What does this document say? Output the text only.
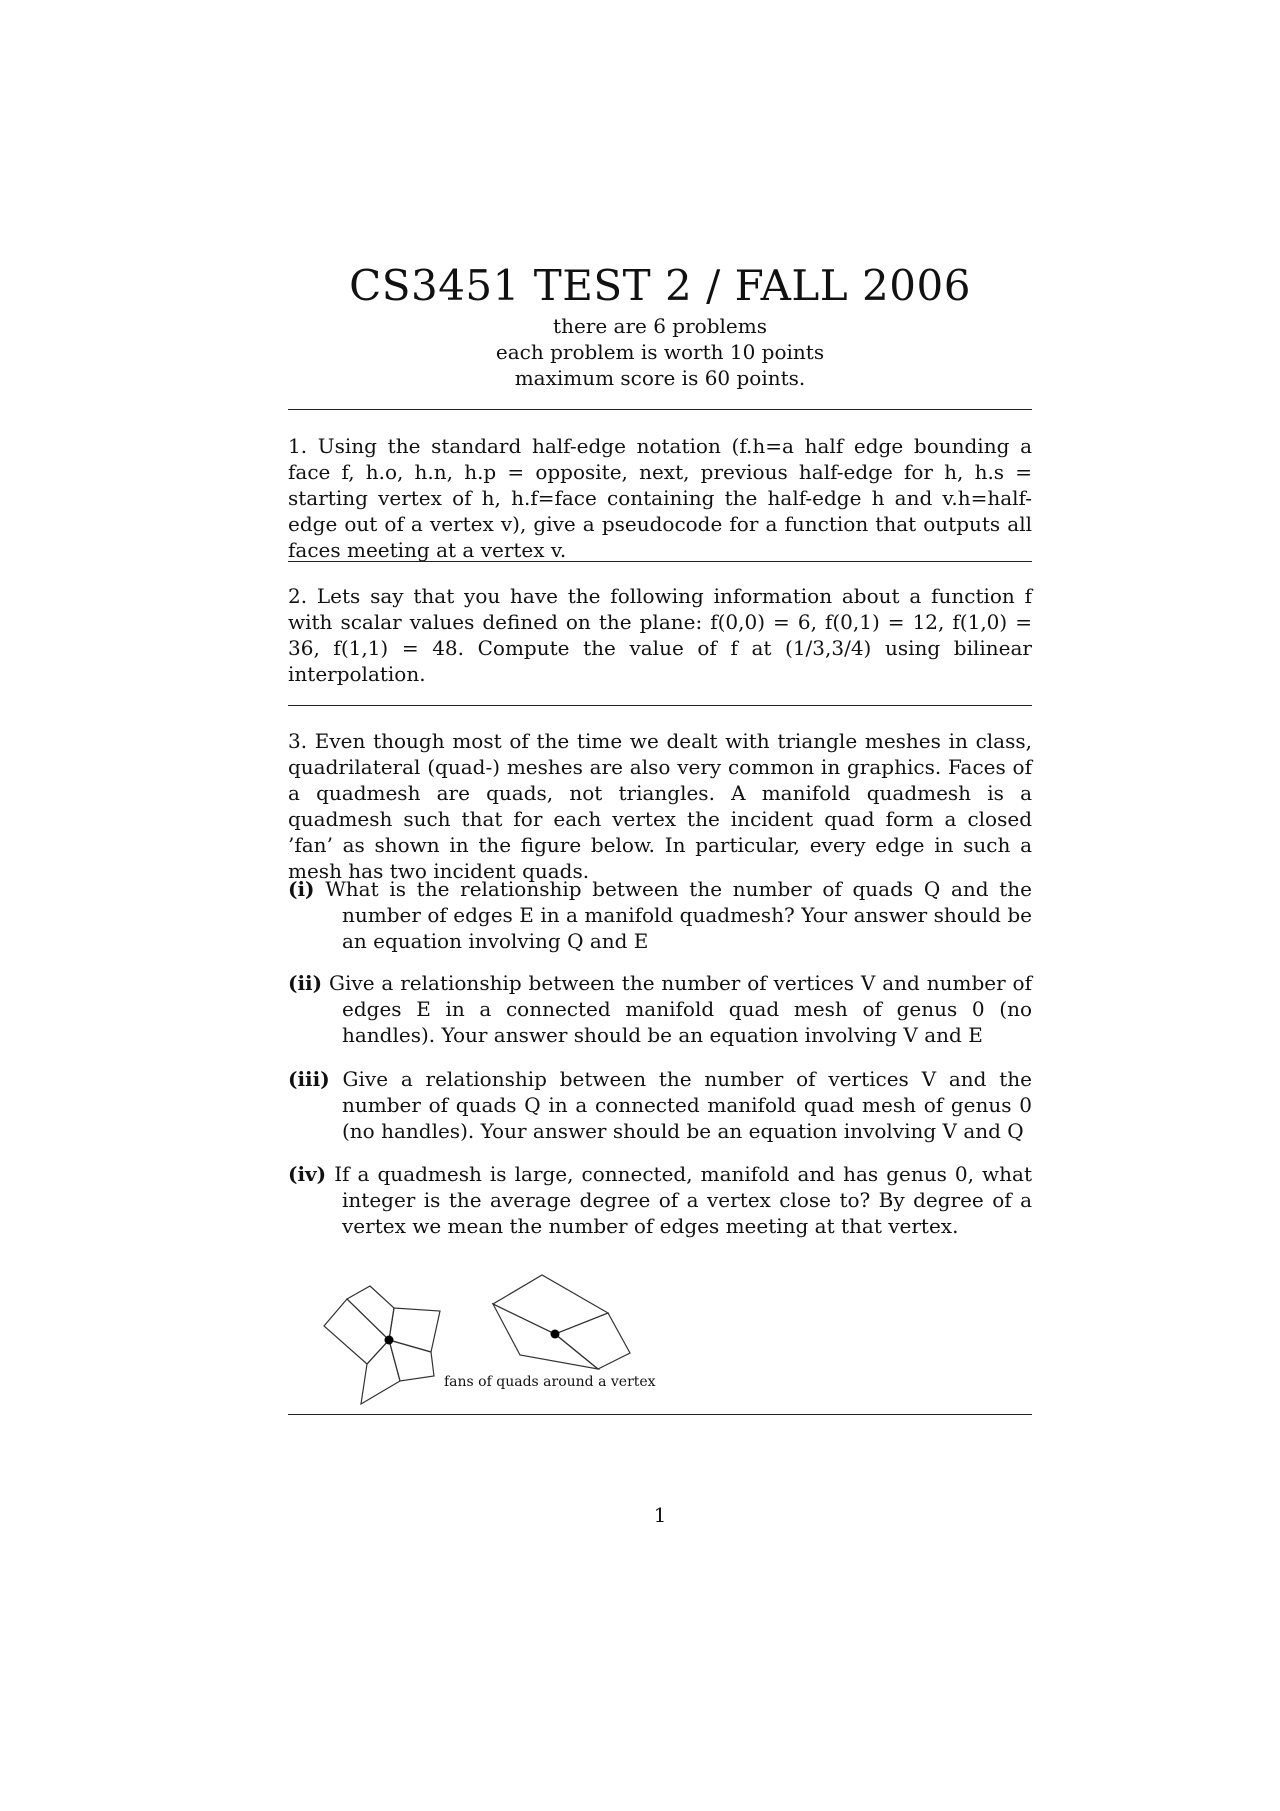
CS3451 TEST 2 / FALL 2006
there are 6 problems
each problem is worth 10 points
maximum score is 60 points.
1. Using the standard half-edge notation (f.h=a half edge bounding a face f, h.o, h.n, h.p = opposite, next, previous half-edge for h, h.s = starting vertex of h, h.f=face containing the half-edge h and v.h=half-edge out of a vertex v), give a pseudocode for a function that outputs all faces meeting at a vertex v.
2. Lets say that you have the following information about a function f with scalar values defined on the plane: f(0,0) = 6, f(0,1) = 12, f(1,0) = 36, f(1,1) = 48. Compute the value of f at (1/3,3/4) using bilinear interpolation.
3. Even though most of the time we dealt with triangle meshes in class, quadrilateral (quad-) meshes are also very common in graphics. Faces of a quadmesh are quads, not triangles. A manifold quadmesh is a quadmesh such that for each vertex the incident quad form a closed ’fan’ as shown in the figure below. In particular, every edge in such a mesh has two incident quads.
(i) What is the relationship between the number of quads Q and the number of edges E in a manifold quadmesh? Your answer should be an equation involving Q and E
(ii) Give a relationship between the number of vertices V and number of edges E in a connected manifold quad mesh of genus 0 (no handles). Your answer should be an equation involving V and E
(iii) Give a relationship between the number of vertices V and the number of quads Q in a connected manifold quad mesh of genus 0 (no handles). Your answer should be an equation involving V and Q
(iv) If a quadmesh is large, connected, manifold and has genus 0, what integer is the average degree of a vertex close to? By degree of a vertex we mean the number of edges meeting at that vertex.
fans of quads around a vertex
1
